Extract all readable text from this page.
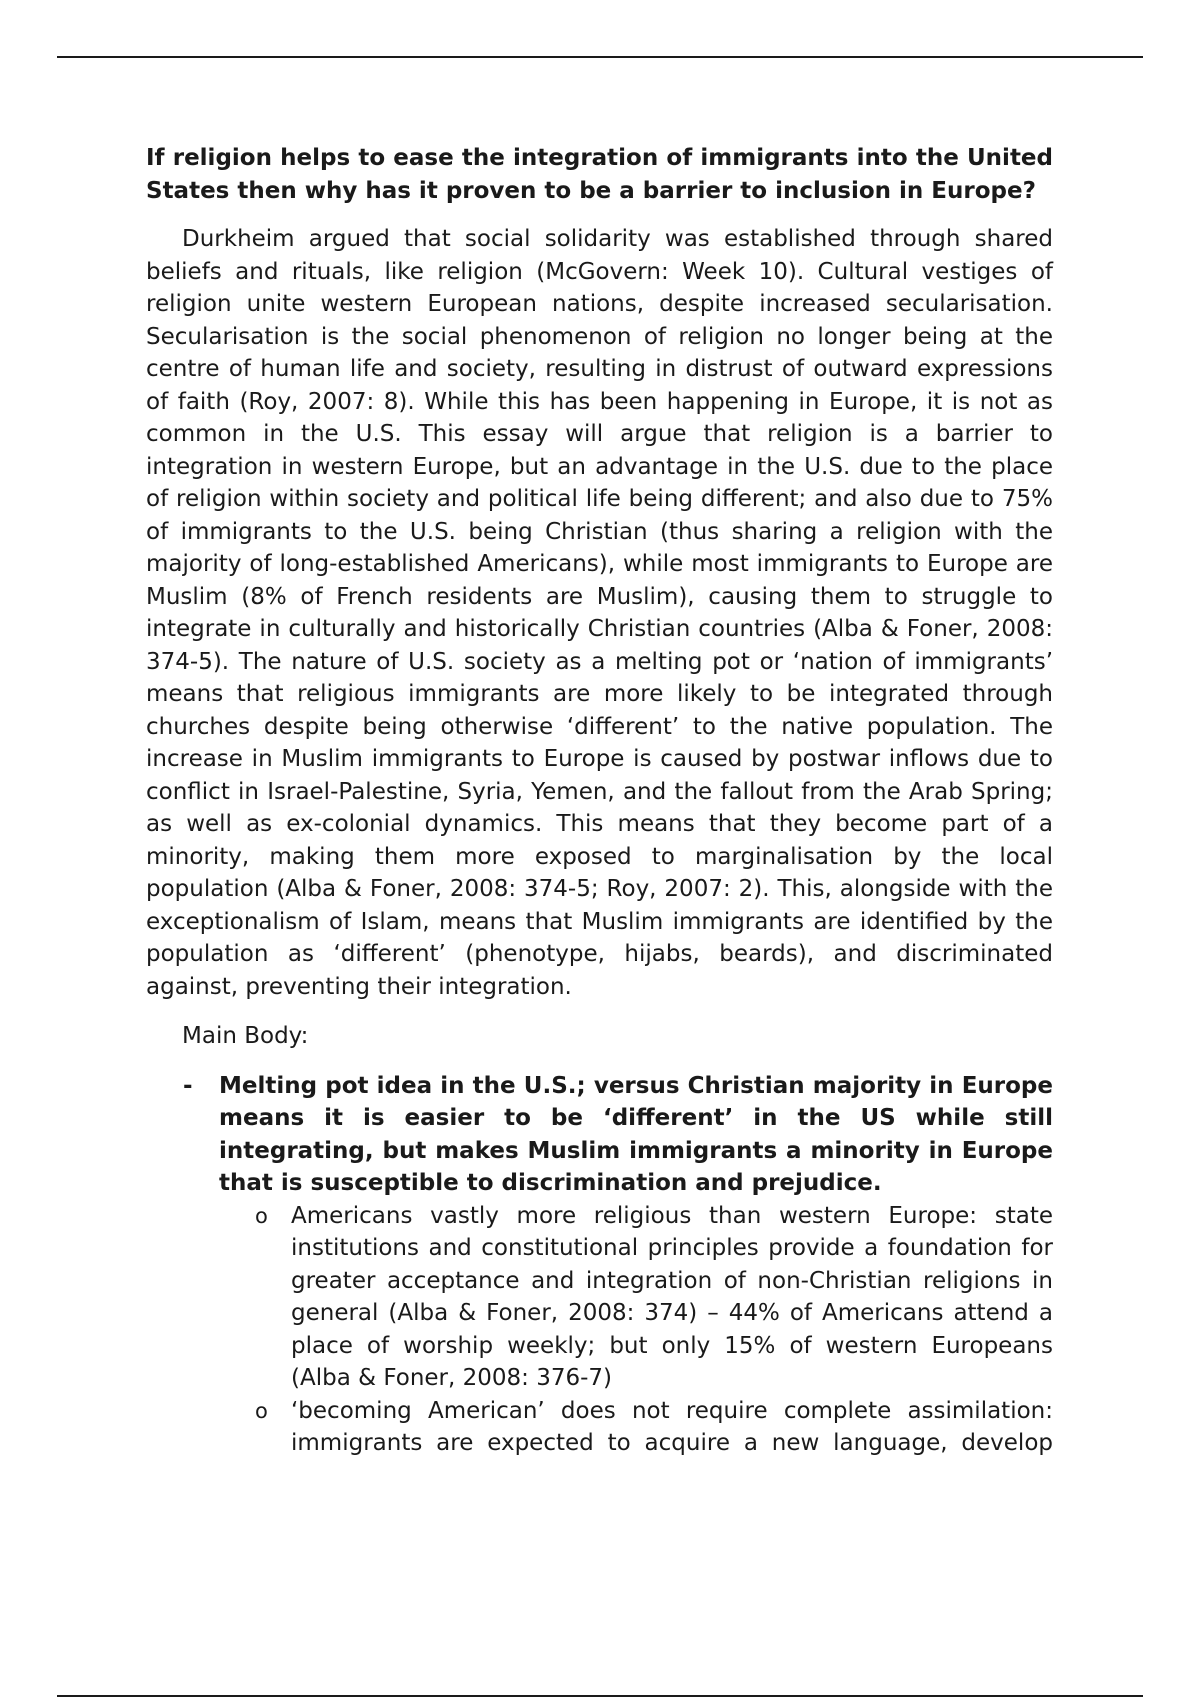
If religion helps to ease the integration of immigrants into the United States then why has it proven to be a barrier to inclusion in Europe?

Durkheim argued that social solidarity was established through shared beliefs and rituals, like religion (McGovern: Week 10). Cultural vestiges of religion unite western European nations, despite increased secularisation. Secularisation is the social phenomenon of religion no longer being at the centre of human life and society, resulting in distrust of outward expressions of faith (Roy, 2007: 8). While this has been happening in Europe, it is not as common in the U.S. This essay will argue that religion is a barrier to integration in western Europe, but an advantage in the U.S. due to the place of religion within society and political life being different; and also due to 75% of immigrants to the U.S. being Christian (thus sharing a religion with the majority of long-established Americans), while most immigrants to Europe are Muslim (8% of French residents are Muslim), causing them to struggle to integrate in culturally and historically Christian countries (Alba & Foner, 2008: 374-5). The nature of U.S. society as a melting pot or ‘nation of immigrants’ means that religious immigrants are more likely to be integrated through churches despite being otherwise ‘different’ to the native population. The increase in Muslim immigrants to Europe is caused by postwar inflows due to conflict in Israel-Palestine, Syria, Yemen, and the fallout from the Arab Spring; as well as ex-colonial dynamics. This means that they become part of a minority, making them more exposed to marginalisation by the local population (Alba & Foner, 2008: 374-5; Roy, 2007: 2). This, alongside with the exceptionalism of Islam, means that Muslim immigrants are identified by the population as ‘different’ (phenotype, hijabs, beards), and discriminated against, preventing their integration.

Main Body:

- Melting pot idea in the U.S.; versus Christian majority in Europe means it is easier to be ‘different’ in the US while still integrating, but makes Muslim immigrants a minority in Europe that is susceptible to discrimination and prejudice.
o Americans vastly more religious than western Europe: state institutions and constitutional principles provide a foundation for greater acceptance and integration of non-Christian religions in general (Alba & Foner, 2008: 374) – 44% of Americans attend a place of worship weekly; but only 15% of western Europeans (Alba & Foner, 2008: 376-7)
o ‘becoming American’ does not require complete assimilation: immigrants are expected to acquire a new language, develop
